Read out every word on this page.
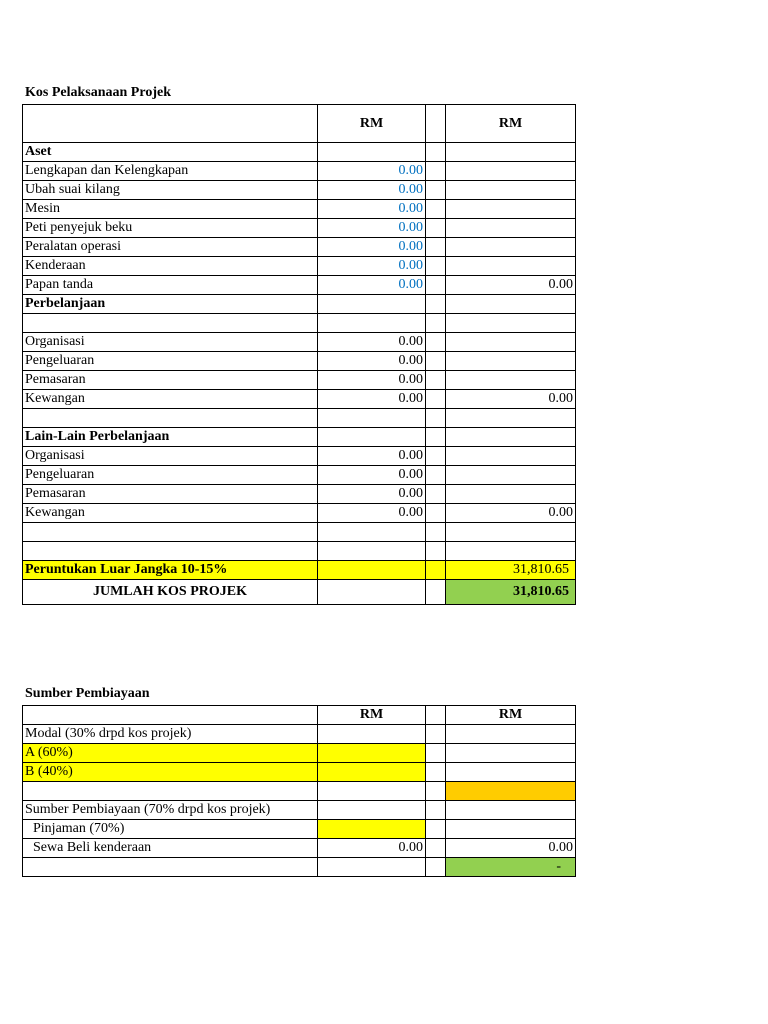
Kos Pelaksanaan Projek
	RM		RM
Aset			
Lengkapan dan Kelengkapan	0.00		
Ubah suai kilang	0.00		
Mesin	0.00		
Peti penyejuk beku	0.00		
Peralatan operasi	0.00		
Kenderaan	0.00		
Papan tanda	0.00		0.00
Perbelanjaan			

Organisasi	0.00		
Pengeluaran	0.00		
Pemasaran	0.00		
Kewangan	0.00		0.00

Lain-Lain Perbelanjaan			
Organisasi	0.00		
Pengeluaran	0.00		
Pemasaran	0.00		
Kewangan	0.00		0.00

Peruntukan Luar Jangka 10-15%			31,810.65
JUMLAH KOS PROJEK			31,810.65
Sumber Pembiayaan
	RM		RM
Modal (30% drpd kos projek)			
A (60%)			
B (40%)			

Sumber Pembiayaan (70% drpd kos projek)			
Pinjaman (70%)			
Sewa Beli kenderaan	0.00		0.00
			-
